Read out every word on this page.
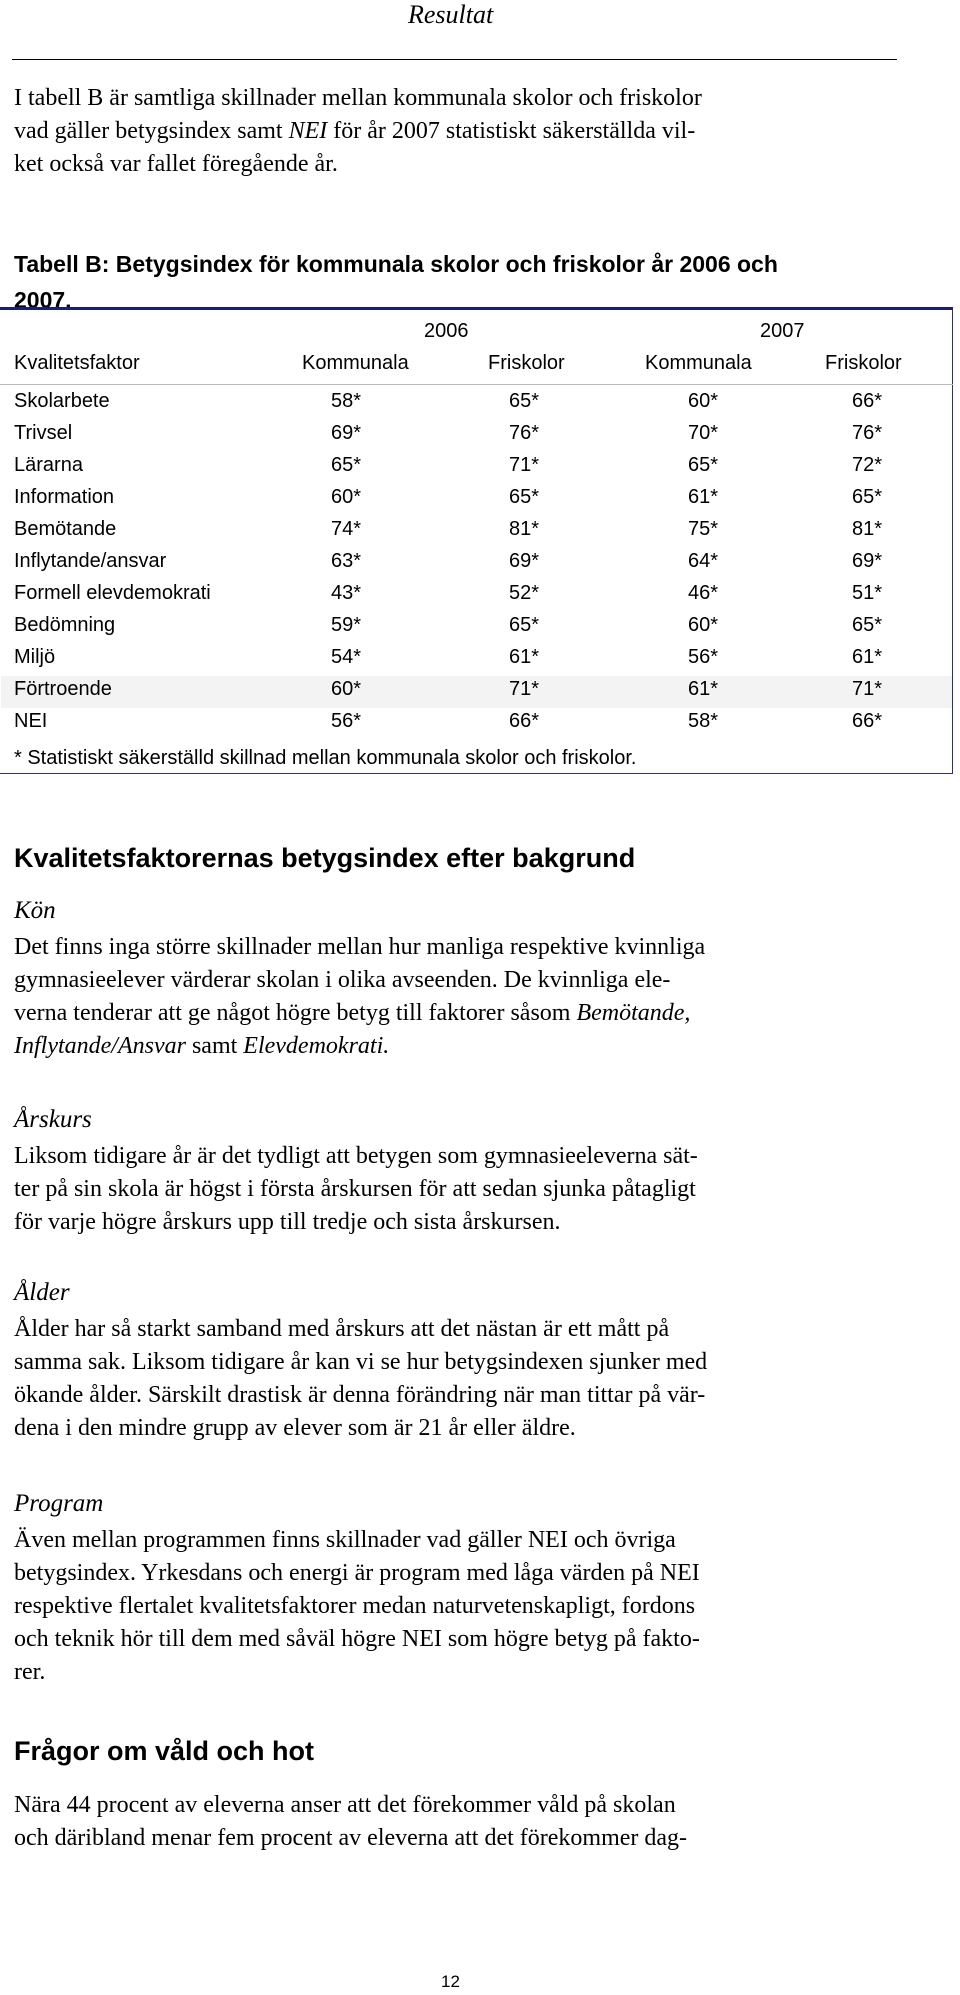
Resultat
I tabell B är samtliga skillnader mellan kommunala skolor och friskolor
vad gäller betygsindex samt NEI för år 2007 statistiskt säkerställda vil-
ket också var fallet föregående år.
Tabell B: Betygsindex för kommunala skolor och friskolor år 2006 och
2007.
2006	2007
Kvalitetsfaktor	Kommunala	Friskolor	Kommunala	Friskolor
Skolarbete	58*	65*	60*	66*
Trivsel	69*	76*	70*	76*
Lärarna	65*	71*	65*	72*
Information	60*	65*	61*	65*
Bemötande	74*	81*	75*	81*
Inflytande/ansvar	63*	69*	64*	69*
Formell elevdemokrati	43*	52*	46*	51*
Bedömning	59*	65*	60*	65*
Miljö	54*	61*	56*	61*
Förtroende	60*	71*	61*	71*
NEI	56*	66*	58*	66*
* Statistiskt säkerställd skillnad mellan kommunala skolor och friskolor.
Kvalitetsfaktorernas betygsindex efter bakgrund
Kön
Det finns inga större skillnader mellan hur manliga respektive kvinnliga
gymnasieelever värderar skolan i olika avseenden. De kvinnliga ele-
verna tenderar att ge något högre betyg till faktorer såsom Bemötande,
Inflytande/Ansvar samt Elevdemokrati.
Årskurs
Liksom tidigare år är det tydligt att betygen som gymnasieeleverna sät-
ter på sin skola är högst i första årskursen för att sedan sjunka påtagligt
för varje högre årskurs upp till tredje och sista årskursen.
Ålder
Ålder har så starkt samband med årskurs att det nästan är ett mått på
samma sak. Liksom tidigare år kan vi se hur betygsindexen sjunker med
ökande ålder. Särskilt drastisk är denna förändring när man tittar på vär-
dena i den mindre grupp av elever som är 21 år eller äldre.
Program
Även mellan programmen finns skillnader vad gäller NEI och övriga
betygsindex. Yrkesdans och energi är program med låga värden på NEI
respektive flertalet kvalitetsfaktorer medan naturvetenskapligt, fordons
och teknik hör till dem med såväl högre NEI som högre betyg på fakto-
rer.
Frågor om våld och hot
Nära 44 procent av eleverna anser att det förekommer våld på skolan
och däribland menar fem procent av eleverna att det förekommer dag-
12
